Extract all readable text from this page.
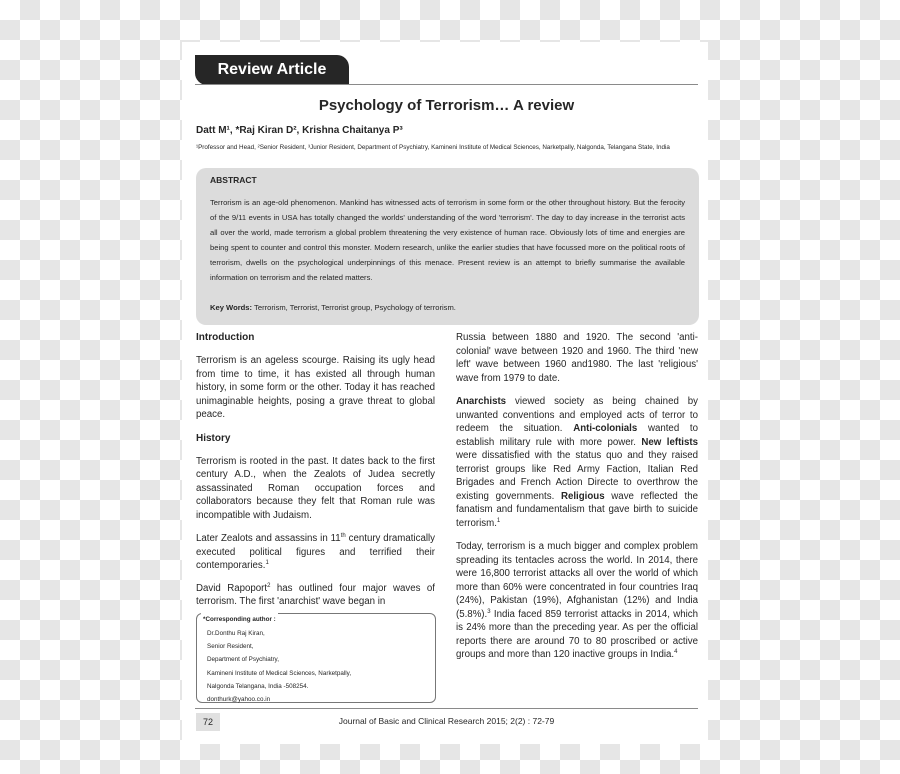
Review Article
Psychology of Terrorism… A review
Datt M¹, *Raj Kiran D², Krishna Chaitanya P³
¹Professor and Head, ²Senior Resident, ³Junior Resident, Department of Psychiatry, Kamineni Institute of Medical Sciences, Narketpally, Nalgonda, Telangana State, India
ABSTRACT
Terrorism is an age-old phenomenon. Mankind has witnessed acts of terrorism in some form or the other throughout history. But the ferocity of the 9/11 events in USA has totally changed the worlds' understanding of the word 'terrorism'. The day to day increase in the terrorist acts all over the world, made terrorism a global problem threatening the very existence of human race. Obviously lots of time and energies are being spent to counter and control this monster. Modern research, unlike the earlier studies that have focussed more on the political roots of terrorism, dwells on the psychological underpinnings of this menace. Present review is an attempt to briefly summarise the available information on terrorism and the related matters.
Key Words: Terrorism, Terrorist, Terrorist group, Psychology of terrorism.
Introduction

Terrorism is an ageless scourge. Raising its ugly head from time to time, it has existed all through human history, in some form or the other. Today it has reached unimaginable heights, posing a grave threat to global peace.

History

Terrorism is rooted in the past. It dates back to the first century A.D., when the Zealots of Judea secretly assassinated Roman occupation forces and collaborators because they felt that Roman rule was incompatible with Judaism.

Later Zealots and assassins in 11th century dramatically executed political figures and terrified their contemporaries.$^1$

David Rapoport$^2$ has outlined four major waves of terrorism. The first 'anarchist' wave began in

*Corresponding author :
Dr.Donthu Raj Kiran,
Senior Resident,
Department of Psychiatry,
Kamineni Institute of Medical Sciences, Narketpally,
Nalgonda Telangana, India -508254.
donthurk@yahoo.co.in

Russia between 1880 and 1920. The second 'anti-colonial' wave between 1920 and 1960. The third 'new left' wave between 1960 and1980. The last 'religious' wave from 1979 to date.

Anarchists viewed society as being chained by unwanted conventions and employed acts of terror to redeem the situation. Anti-colonials wanted to establish military rule with more power. New leftists were dissatisfied with the status quo and they raised terrorist groups like Red Army Faction, Italian Red Brigades and French Action Directe to overthrow the existing governments. Religious wave reflected the fanatism and fundamentalism that gave birth to suicide terrorism.$^1$

Today, terrorism is a much bigger and complex problem spreading its tentacles across the world. In 2014, there were 16,800 terrorist attacks all over the world of which more than 60% were concentrated in four countries Iraq (24%), Pakistan (19%), Afghanistan (12%) and India (5.8%).$^3$ India faced 859 terrorist attacks in 2014, which is 24% more than the preceding year. As per the official reports there are around 70 to 80 proscribed or active groups and more than 120 inactive groups in India.$^4$

72	Journal of Basic and Clinical Research 2015; 2(2) : 72-79
